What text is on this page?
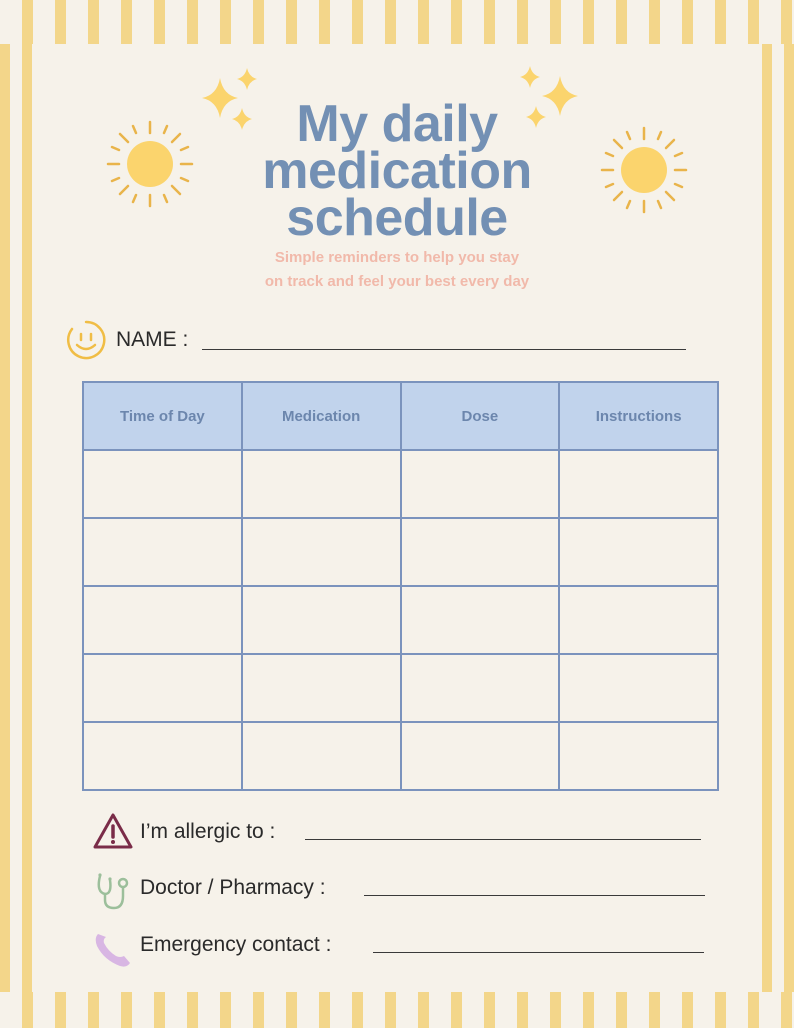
My daily
medication
schedule
Simple reminders to help you stay
on track and feel your best every day
NAME :
Time of Day	Medication	Dose	Instructions

I’m allergic to :
Doctor / Pharmacy :
Emergency contact :
